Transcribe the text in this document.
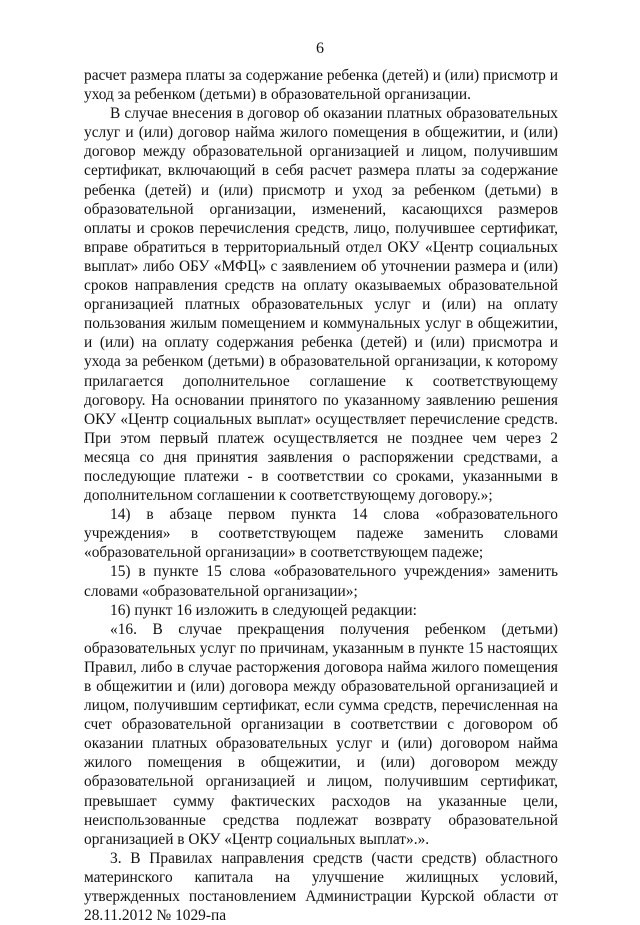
6

расчет размера платы за содержание ребенка (детей) и (или) присмотр и уход за ребенком (детьми) в образовательной организации.

В случае внесения в договор об оказании платных образовательных услуг и (или) договор найма жилого помещения в общежитии, и (или) договор между образовательной организацией и лицом, получившим сертификат, включающий в себя расчет размера платы за содержание ребенка (детей) и (или) присмотр и уход за ребенком (детьми) в образовательной организации, изменений, касающихся размеров оплаты и сроков перечисления средств, лицо, получившее сертификат, вправе обратиться в территориальный отдел ОКУ «Центр социальных выплат» либо ОБУ «МФЦ» с заявлением об уточнении размера и (или) сроков направления средств на оплату оказываемых образовательной организацией платных образовательных услуг и (или) на оплату пользования жилым помещением и коммунальных услуг в общежитии, и (или) на оплату содержания ребенка (детей) и (или) присмотра и ухода за ребенком (детьми) в образовательной организации, к которому прилагается дополнительное соглашение к соответствующему договору. На основании принятого по указанному заявлению решения ОКУ «Центр социальных выплат» осуществляет перечисление средств. При этом первый платеж осуществляется не позднее чем через 2 месяца со дня принятия заявления о распоряжении средствами, а последующие платежи - в соответствии со сроками, указанными в дополнительном соглашении к соответствующему договору.»;

14) в абзаце первом пункта 14 слова «образовательного учреждения» в соответствующем падеже заменить словами «образовательной организации» в соответствующем падеже;

15) в пункте 15 слова «образовательного учреждения» заменить словами «образовательной организации»;

16) пункт 16 изложить в следующей редакции:

«16. В случае прекращения получения ребенком (детьми) образовательных услуг по причинам, указанным в пункте 15 настоящих Правил, либо в случае расторжения договора найма жилого помещения в общежитии и (или) договора между образовательной организацией и лицом, получившим сертификат, если сумма средств, перечисленная на счет образовательной организации в соответствии с договором об оказании платных образовательных услуг и (или) договором найма жилого помещения в общежитии, и (или) договором между образовательной организацией и лицом, получившим сертификат, превышает сумму фактических расходов на указанные цели, неиспользованные средства подлежат возврату образовательной организацией в ОКУ «Центр социальных выплат».».

3. В Правилах направления средств (части средств) областного материнского капитала на улучшение жилищных условий, утвержденных постановлением Администрации Курской области от 28.11.2012 № 1029-па
